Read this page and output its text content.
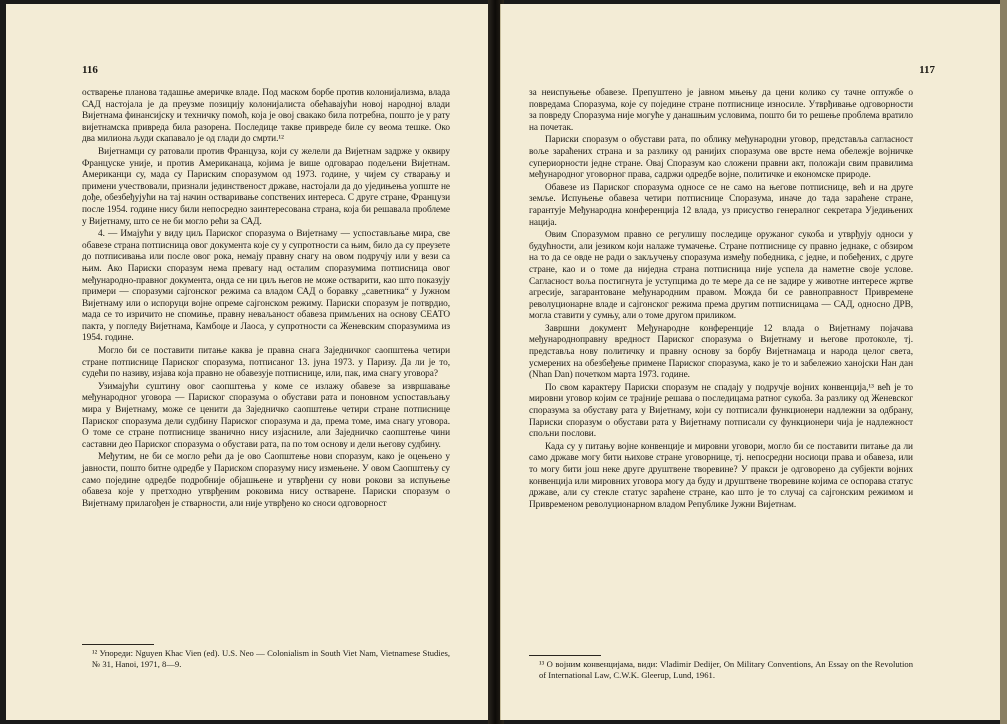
116

остварење планова тадашње америчке владе. Под маском борбе против колонијализма, влада САД настојала је да преузме позицију колонијалиста обећавајући новој народној влади Вијетнама финансијску и техничку помоћ, која је овој свакако била потребна, пошто је у рату вијетнамска привреда била разорена. Последице такве привреде биле су веома тешке. Око два милиона људи скапавало је од глади до смрти.¹²

Вијетнамци су ратовали против Француза, који су желели да Вијетнам задрже у оквиру Француске уније, и против Американаца, којима је више одговарао подељени Вијетнам. Американци су, мада су Париским споразумом од 1973. године, у чијем су стварању и примени учествовали, признали јединственост државе, настојали да до уједињења уопште не дође, обезбеђујући на тај начин остваривање сопствених интереса. С друге стране, Французи после 1954. године нису били непосредно заинтересована страна, која би решавала проблеме у Вијетнаму, што се не би могло рећи за САД.

4. — Имајући у виду циљ Париског споразума о Вијетнаму — успостављање мира, све обавезе страна потписница овог документа које су у супротности са њим, било да су преузете до потписивања или после овог рока, немају правну снагу на овом подручју или у вези са њим. Ако Париски споразум нема превагу над осталим споразумима потписница овог међународно-правног документа, онда се ни циљ његов не може остварити, као што показују примери — споразуми сајгонског режима са владом САД о боравку „саветника“ у Јужном Вијетнаму или о испоруци војне опреме сајгонском режиму. Париски споразум је потврдио, мада се то изричито не спомиње, правну неваљаност обавеза примљених на основу СЕАТО пакта, у погледу Вијетнама, Камбоџе и Лаоса, у супротности са Женевским споразумима из 1954. године.

Могло би се поставити питање каква је правна снага Заједничког саопштења четири стране потписнице Париског споразума, потписаног 13. јуна 1973. у Паризу. Да ли је то, судећи по називу, изјава која правно не обавезује потписнице, или, пак, има снагу уговора?

Узимајући суштину овог саопштења у коме се излажу обавезе за извршавање међународног уговора — Париског споразума о обустави рата и поновном успостављању мира у Вијетнаму, може се ценити да Заједничко саопштење четири стране потписнице Париског споразума дели судбину Париског споразума и да, према томе, има снагу уговора. О томе се стране потписнице званично нису изјасниле, али Заједничко саопштење чини саставни део Париског споразума о обустави рата, па по том основу и дели његову судбину.

Међутим, не би се могло рећи да је ово Саопштење нови споразум, како је оцењено у јавности, пошто битне одредбе у Париском споразуму нису измењене. У овом Саопштењу су само поједине одредбе подробније објашњене и утврђени су нови рокови за испуњење обавеза које у претходно утврђеним роковима нису остварене. Париски споразум о Вијетнаму прилагођен је стварности, али није утврђено ко сноси одговорност

¹² Упореди: Nguyen Khac Vien (ed). U.S. Neo — Colonialism in South Viet Nam, Vietnamese Studies, № 31, Hanoi, 1971, 8—9.
117

за неиспуњење обавезе. Препуштено је јавном мњењу да цени колико су тачне оптужбе о повредама Споразума, које су поједине стране потписнице износиле. Утврђивање одговорности за повреду Споразума није могуће у данашњим условима, пошто би то решење проблема вратило на почетак.

Париски споразум о обустави рата, по облику међународни уговор, представља сагласност воље зараћених страна и за разлику од ранијих споразума ове врсте нема обележје војничке супериорности једне стране. Овај Споразум као сложени правни акт, положаји свим правилима међународног уговорног права, садржи одредбе војне, политичке и економске природе.

Обавезе из Париског споразума односе се не само на његове потписнице, већ и на друге земље. Испуњење обавеза четири потписнице Споразума, иначе до тада зараћене стране, гарантује Међународна конференција 12 влада, уз присуство генералног секретара Уједињених нација.

Овим Споразумом правно се регулишу последице оружаног сукоба и утврђују односи у будућности, али језиком који налаже тумачење. Стране потписнице су правно једнаке, с обзиром на то да се овде не ради о закључењу споразума између победника, с једне, и побеђених, с друге стране, као и о томе да ниједна страна потписница није успела да наметне своје услове. Сагласност воља постигнута је уступцима до те мере да се не задире у животне интересе жртве агресије, загарантоване међународним правом. Можда би се равноправност Привремене револуционарне владе и сајгонског режима према другим потписницама — САД, односно ДРВ, могла ставити у сумњу, али о томе другом приликом.

Завршни документ Међународне конференције 12 влада о Вијетнаму појачава међународноправну вредност Париског споразума о Вијетнаму и његове протоколе, тј. представља нову политичку и правну основу за борбу Вијетнамаца и народа целог света, усмерених на обезбеђење примене Париског споразума, како је то и забележио ханојски Нан дан (Nhan Dan) почетком марта 1973. године.

По свом карактеру Париски споразум не спадају у подручје војних конвенција,¹³ већ је то мировни уговор којим се трајније решава о последицама ратног сукоба. За разлику од Женевског споразума за обуставу рата у Вијетнаму, који су потписали функционери надлежни за одбрану, Париски споразум о обустави рата у Вијетнаму потписали су функционери чија је надлежност спољни послови.

Када су у питању војне конвенције и мировни уговори, могло би се поставити питање да ли само државе могу бити њихове стране уговорнице, тј. непосредни носиоци права и обавеза, или то могу бити још неке друге друштвене творевине? У пракси је одговорено да субјекти војних конвенција или мировних уговора могу да буду и друштвене творевине којима се оспорава статус државе, али су стекле статус зараћене стране, као што је то случај са сајгонским режимом и Привременом револуционарном владом Републике Јужни Вијетнам.

¹³ О војним конвенцијама, види: Vladimir Dedijer, On Military Conventions, An Essay on the Revolution of International Law, C.W.K. Gleerup, Lund, 1961.
